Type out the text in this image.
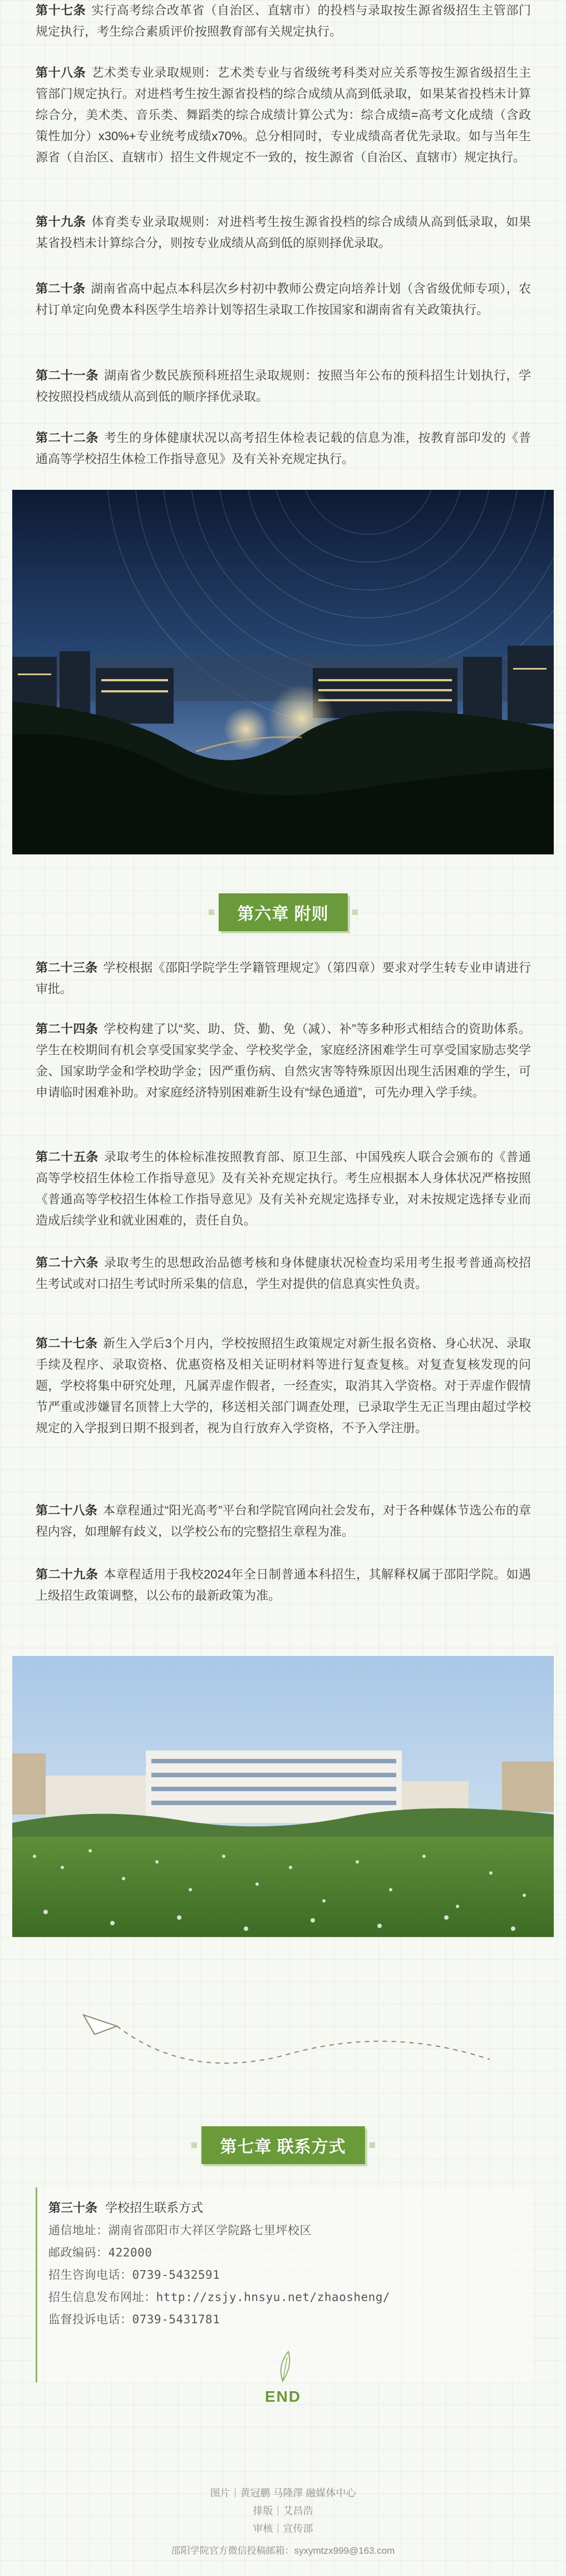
第十七条 实行高考综合改革省（自治区、直辖市）的投档与录取按生源省级招生主管部门规定执行，考生综合素质评价按照教育部有关规定执行。

第十八条 艺术类专业录取规则：艺术类专业与省级统考科类对应关系等按生源省级招生主管部门规定执行。对进档考生按生源省投档的综合成绩从高到低录取，如果某省投档未计算综合分，美术类、音乐类、舞蹈类的综合成绩计算公式为：综合成绩=高考文化成绩（含政策性加分）x30%+专业统考成绩x70%。总分相同时，专业成绩高者优先录取。如与当年生源省（自治区、直辖市）招生文件规定不一致的，按生源省（自治区、直辖市）规定执行。

第十九条 体育类专业录取规则：对进档考生按生源省投档的综合成绩从高到低录取，如果某省投档未计算综合分，则按专业成绩从高到低的原则择优录取。

第二十条 湖南省高中起点本科层次乡村初中教师公费定向培养计划（含省级优师专项），农村订单定向免费本科医学生培养计划等招生录取工作按国家和湖南省有关政策执行。

第二十一条 湖南省少数民族预科班招生录取规则：按照当年公布的预科招生计划执行，学校按照投档成绩从高到低的顺序择优录取。

第二十二条 考生的身体健康状况以高考招生体检表记载的信息为准，按教育部印发的《普通高等学校招生体检工作指导意见》及有关补充规定执行。

第六章 附则

第二十三条 学校根据《邵阳学院学生学籍管理规定》（第四章）要求对学生转专业申请进行审批。

第二十四条 学校构建了以“奖、助、贷、勤、免（减）、补”等多种形式相结合的资助体系。学生在校期间有机会享受国家奖学金、学校奖学金，家庭经济困难学生可享受国家励志奖学金、国家助学金和学校助学金；因严重伤病、自然灾害等特殊原因出现生活困难的学生，可申请临时困难补助。对家庭经济特别困难新生设有“绿色通道”，可先办理入学手续。

第二十五条 录取考生的体检标准按照教育部、原卫生部、中国残疾人联合会颁布的《普通高等学校招生体检工作指导意见》及有关补充规定执行。考生应根据本人身体状况严格按照《普通高等学校招生体检工作指导意见》及有关补充规定选择专业，对未按规定选择专业而造成后续学业和就业困难的，责任自负。

第二十六条 录取考生的思想政治品德考核和身体健康状况检查均采用考生报考普通高校招生考试或对口招生考试时所采集的信息，学生对提供的信息真实性负责。

第二十七条 新生入学后3个月内，学校按照招生政策规定对新生报名资格、身心状况、录取手续及程序、录取资格、优惠资格及相关证明材料等进行复查复核。对复查复核发现的问题，学校将集中研究处理，凡属弄虚作假者，一经查实，取消其入学资格。对于弄虚作假情节严重或涉嫌冒名顶替上大学的，移送相关部门调查处理，已录取学生无正当理由超过学校规定的入学报到日期不报到者，视为自行放弃入学资格，不予入学注册。

第二十八条 本章程通过“阳光高考”平台和学院官网向社会发布，对于各种媒体节选公布的章程内容，如理解有歧义，以学校公布的完整招生章程为准。

第二十九条 本章程适用于我校2024年全日制普通本科招生，其解释权属于邵阳学院。如遇上级招生政策调整，以公布的最新政策为准。

第七章 联系方式
第三十条 学校招生联系方式
通信地址：湖南省邵阳市大祥区学院路七里坪校区
邮政编码：422000
招生咨询电话：0739-5432591
招生信息发布网址：http://zsjy.hnsyu.net/zhaosheng/
监督投诉电话：0739-5431781
END
图片｜黄冠鹏 马隆澤 融媒体中心
排版｜艾昌浩
审核｜宣传部
邵阳学院官方微信投稿邮箱：syxymtzx999@163.com
